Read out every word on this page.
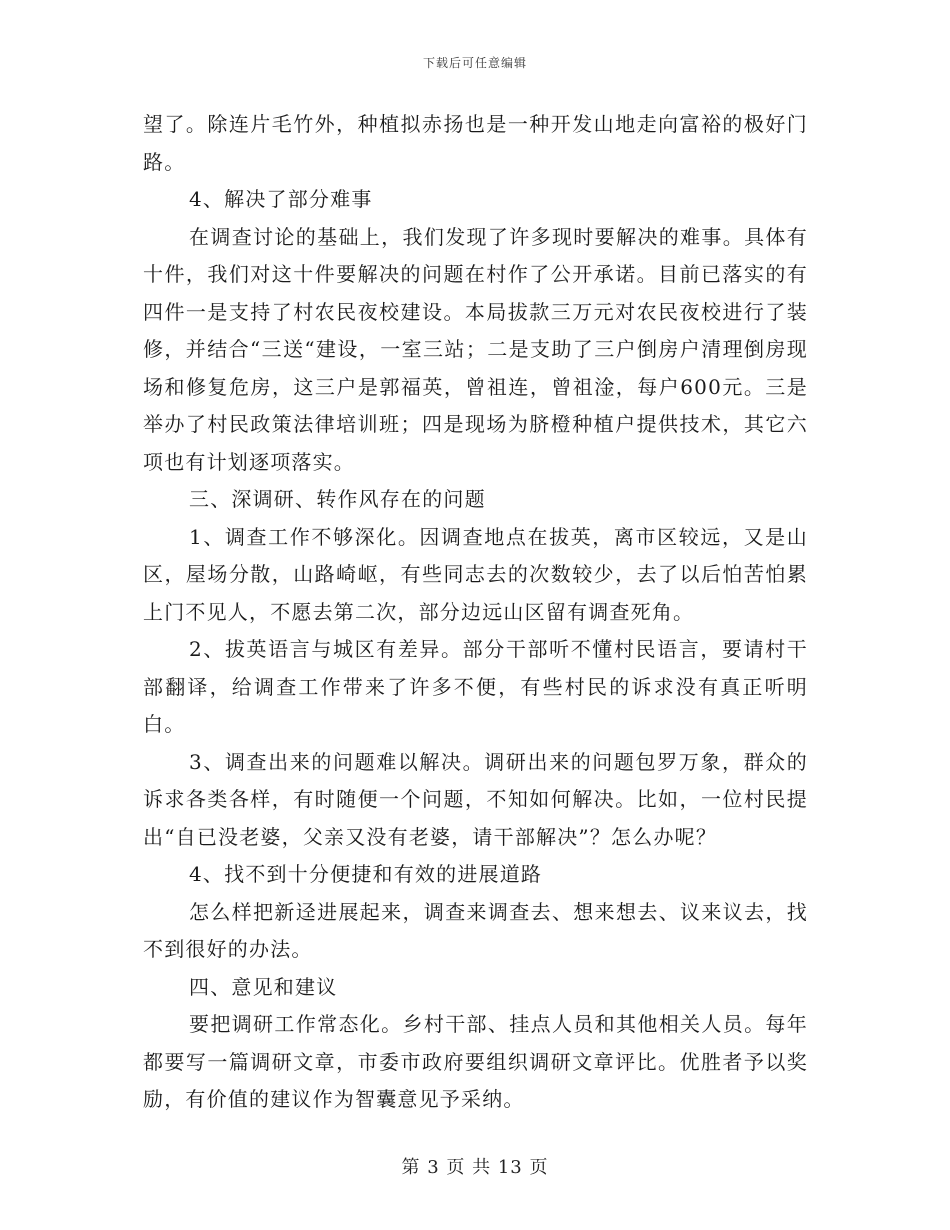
下载后可任意编辑

望了。除连片毛竹外，种植拟赤扬也是一种开发山地走向富裕的极好门路。

4、解决了部分难事

在调查讨论的基础上，我们发现了许多现时要解决的难事。具体有十件，我们对这十件要解决的问题在村作了公开承诺。目前已落实的有四件一是支持了村农民夜校建设。本局拔款三万元对农民夜校进行了装修，并结合“三送“建设，一室三站；二是支助了三户倒房户清理倒房现场和修复危房，这三户是郭福英，曾祖连，曾祖淦，每户600元。三是举办了村民政策法律培训班；四是现场为脐橙种植户提供技术，其它六项也有计划逐项落实。

三、深调研、转作风存在的问题

1、调查工作不够深化。因调查地点在拔英，离市区较远，又是山区，屋场分散，山路崎岖，有些同志去的次数较少，去了以后怕苦怕累上门不见人，不愿去第二次，部分边远山区留有调查死角。

2、拔英语言与城区有差异。部分干部听不懂村民语言，要请村干部翻译，给调查工作带来了许多不便，有些村民的诉求没有真正听明白。

3、调查出来的问题难以解决。调研出来的问题包罗万象，群众的诉求各类各样，有时随便一个问题，不知如何解决。比如，一位村民提出“自已没老婆，父亲又没有老婆，请干部解决”？怎么办呢？

4、找不到十分便捷和有效的进展道路

怎么样把新迳进展起来，调查来调查去、想来想去、议来议去，找不到很好的办法。

四、意见和建议

要把调研工作常态化。乡村干部、挂点人员和其他相关人员。每年都要写一篇调研文章，市委市政府要组织调研文章评比。优胜者予以奖励，有价值的建议作为智囊意见予采纳。

第 3 页 共 13 页
